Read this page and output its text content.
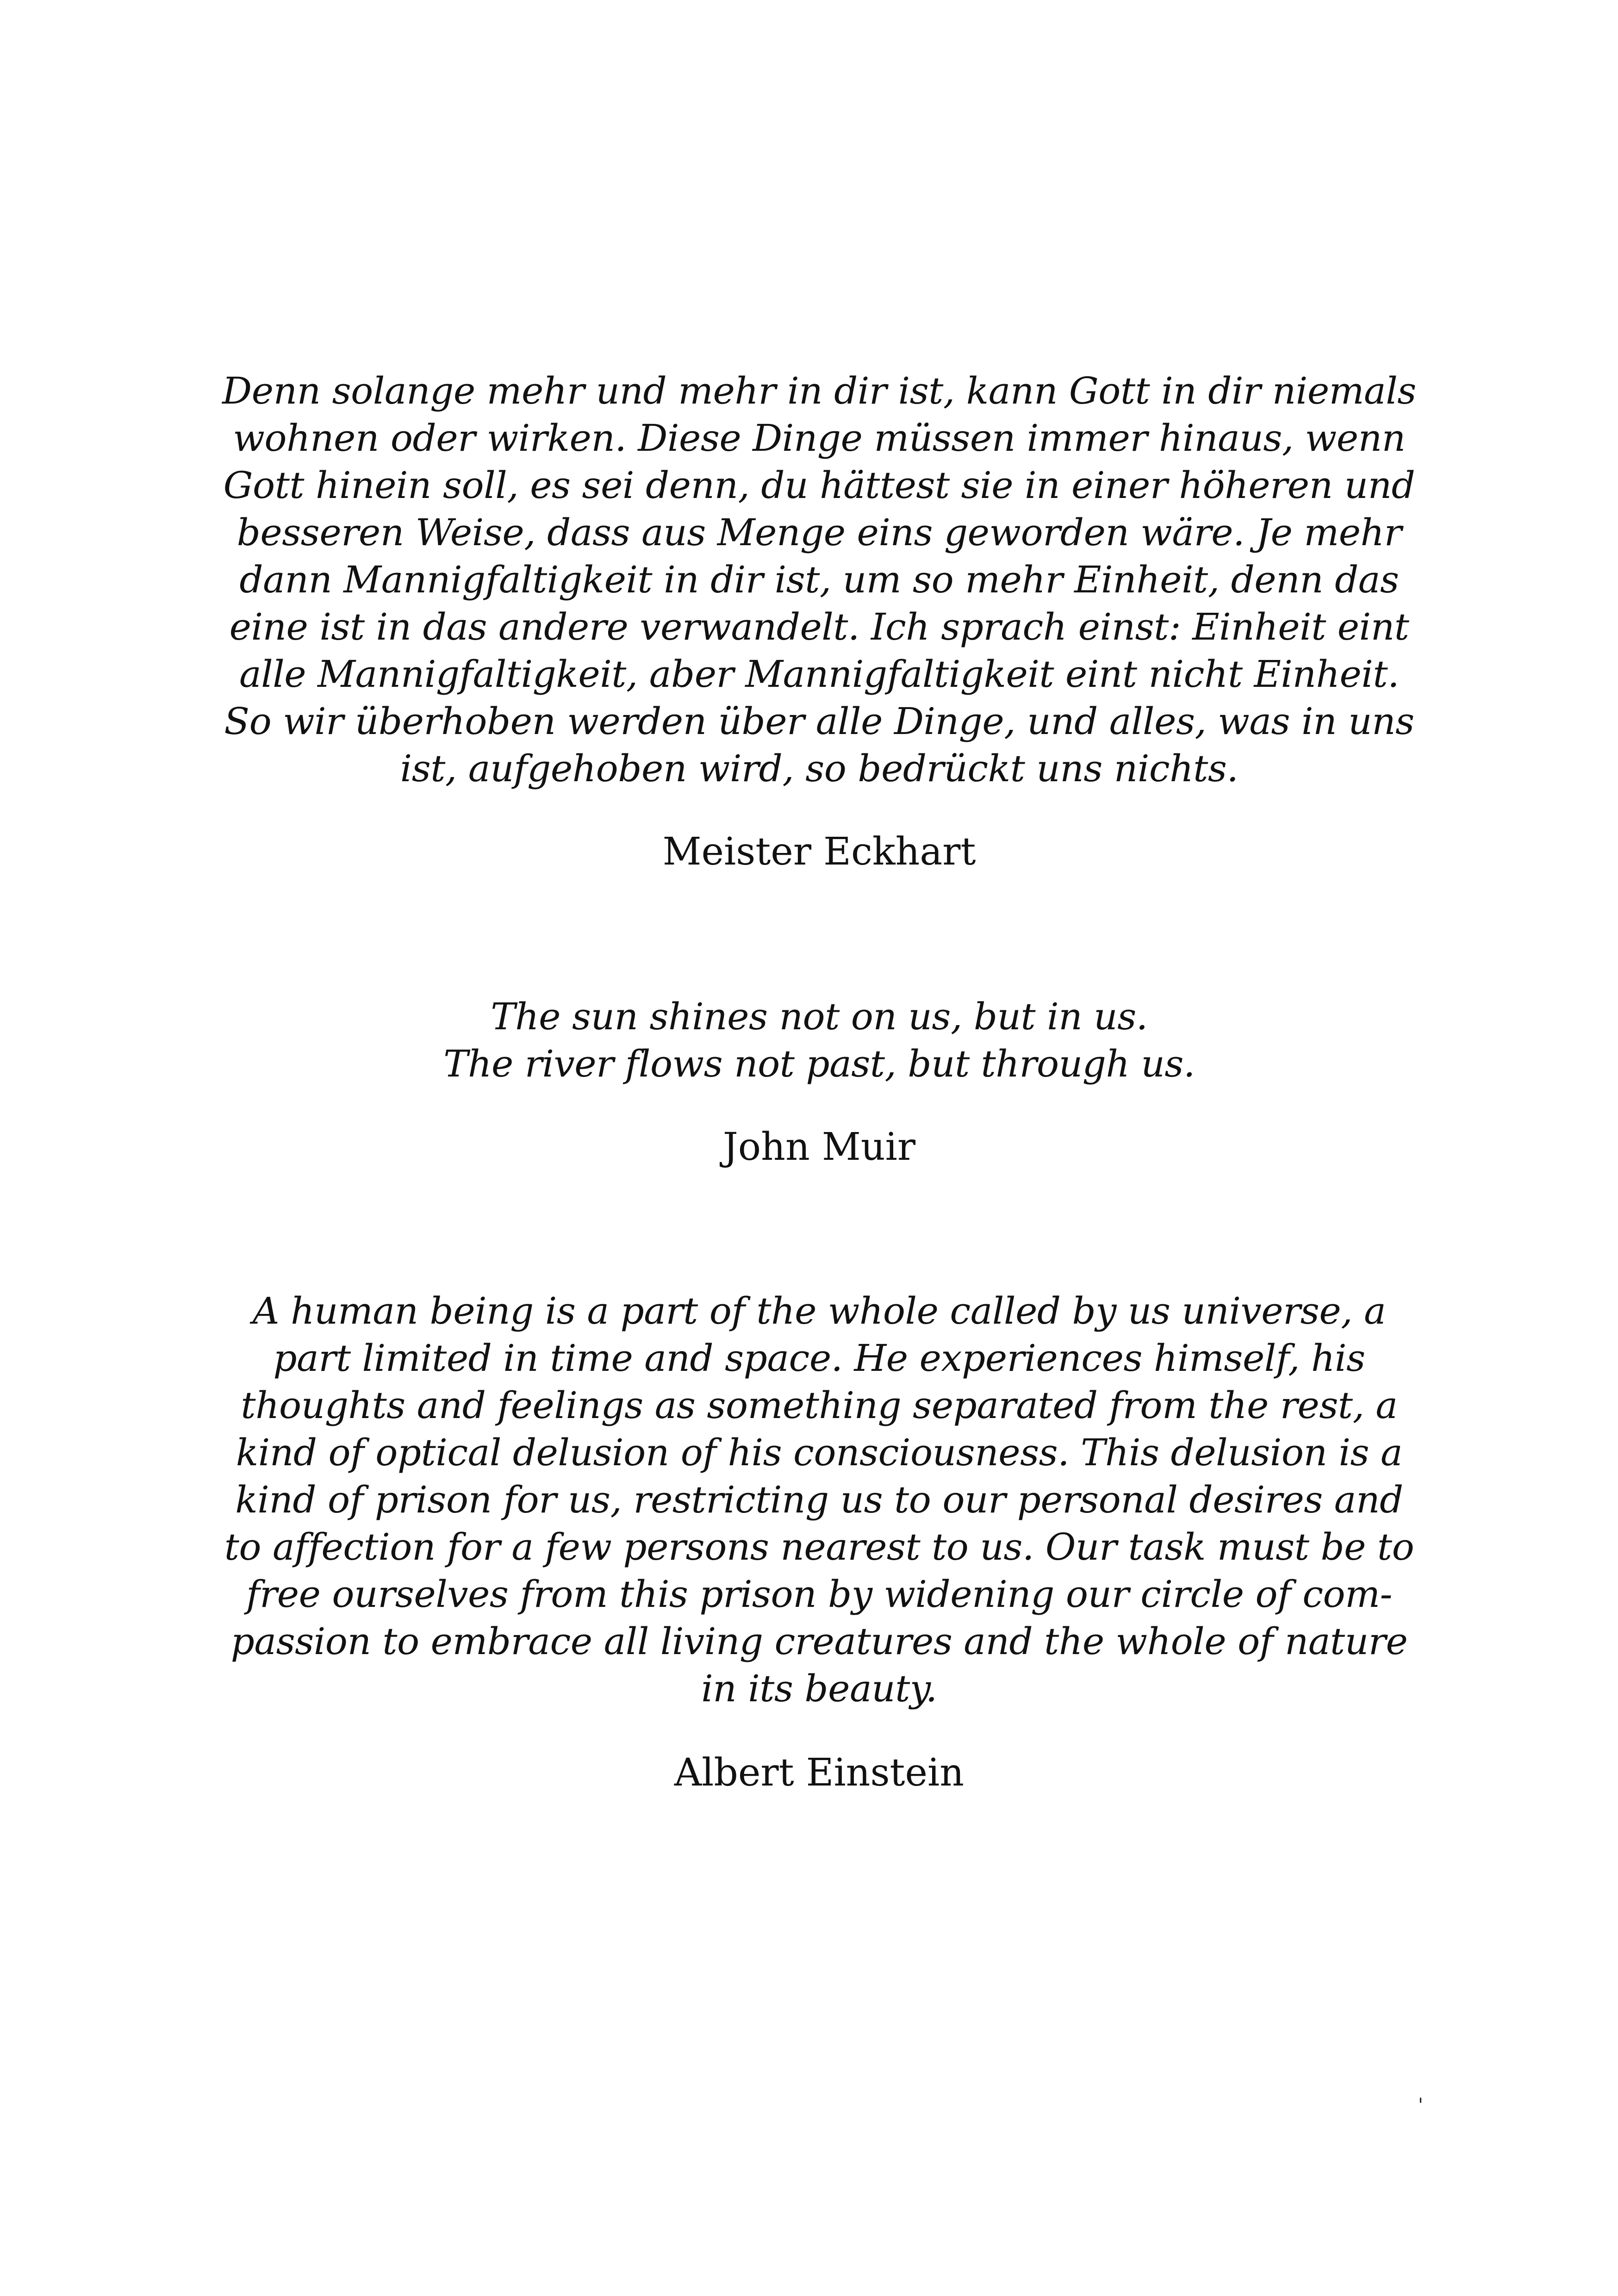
Denn solange mehr und mehr in dir ist, kann Gott in dir niemals
wohnen oder wirken. Diese Dinge müssen immer hinaus, wenn
Gott hinein soll, es sei denn, du hättest sie in einer höheren und
besseren Weise, dass aus Menge eins geworden wäre. Je mehr
dann Mannigfaltigkeit in dir ist, um so mehr Einheit, denn das
eine ist in das andere verwandelt. Ich sprach einst: Einheit eint
alle Mannigfaltigkeit, aber Mannigfaltigkeit eint nicht Einheit.
So wir überhoben werden über alle Dinge, und alles, was in uns
ist, aufgehoben wird, so bedrückt uns nichts.

Meister Eckhart

The sun shines not on us, but in us.
The river flows not past, but through us.

John Muir

A human being is a part of the whole called by us universe, a
part limited in time and space. He experiences himself, his
thoughts and feelings as something separated from the rest, a
kind of optical delusion of his consciousness. This delusion is a
kind of prison for us, restricting us to our personal desires and
to affection for a few persons nearest to us. Our task must be to
free ourselves from this prison by widening our circle of com-
passion to embrace all living creatures and the whole of nature
in its beauty.

Albert Einstein

'
